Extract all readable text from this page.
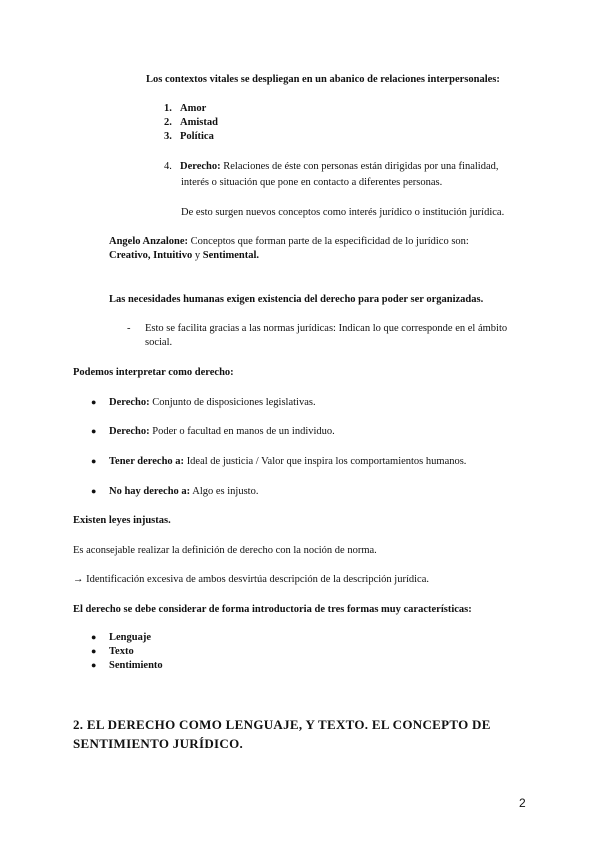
Los contextos vitales se despliegan en un abanico de relaciones interpersonales:
1. Amor
2. Amistad
3. Política
4. Derecho: Relaciones de éste con personas están dirigidas por una finalidad,
interés o situación que pone en contacto a diferentes personas.
De esto surgen nuevos conceptos como interés jurídico o institución jurídica.
Angelo Anzalone: Conceptos que forman parte de la especificidad de lo jurídico son:
Creativo, Intuitivo y Sentimental.
Las necesidades humanas exigen existencia del derecho para poder ser organizadas.
- Esto se facilita gracias a las normas jurídicas: Indican lo que corresponde en el ámbito
social.
Podemos interpretar como derecho:
● Derecho: Conjunto de disposiciones legislativas.
● Derecho: Poder o facultad en manos de un individuo.
● Tener derecho a: Ideal de justicia / Valor que inspira los comportamientos humanos.
● No hay derecho a: Algo es injusto.
Existen leyes injustas.
Es aconsejable realizar la definición de derecho con la noción de norma.
→ Identificación excesiva de ambos desvirtúa descripción de la descripción jurídica.
El derecho se debe considerar de forma introductoria de tres formas muy características:
● Lenguaje
● Texto
● Sentimiento
2. EL DERECHO COMO LENGUAJE, Y TEXTO. EL CONCEPTO DE
SENTIMIENTO JURÍDICO.
2
